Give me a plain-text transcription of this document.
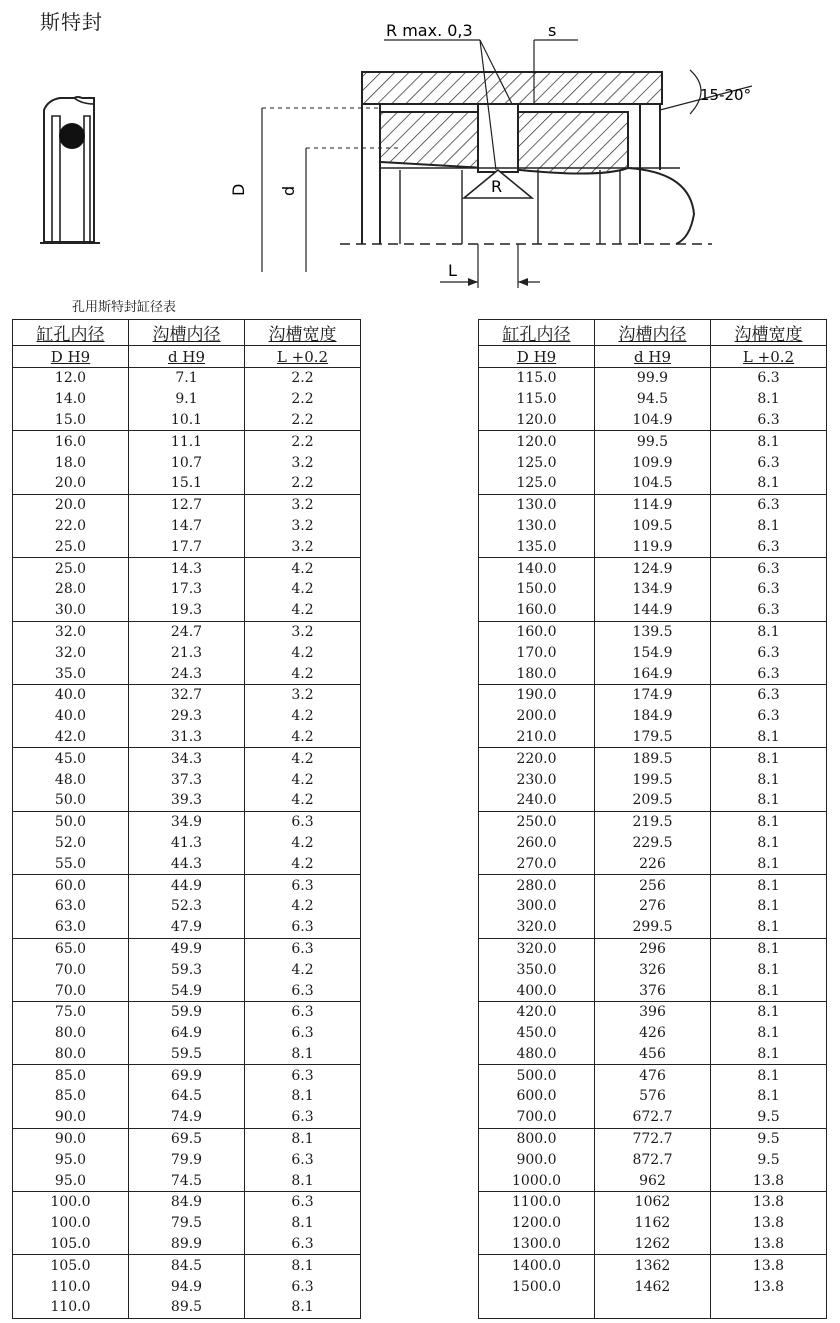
斯特封	R max. 0,3	s
15-20°
D d	R
L
孔用斯特封缸径表
缸孔内径	沟槽内径	沟槽宽度
D H9	d H9	L +0.2
12.0	7.1	2.2
14.0	9.1	2.2
15.0	10.1	2.2
16.0	11.1	2.2
18.0	10.7	3.2
20.0	15.1	2.2
20.0	12.7	3.2
22.0	14.7	3.2
25.0	17.7	3.2
25.0	14.3	4.2
28.0	17.3	4.2
30.0	19.3	4.2
32.0	24.7	3.2
32.0	21.3	4.2
35.0	24.3	4.2
40.0	32.7	3.2
40.0	29.3	4.2
42.0	31.3	4.2
45.0	34.3	4.2
48.0	37.3	4.2
50.0	39.3	4.2
50.0	34.9	6.3
52.0	41.3	4.2
55.0	44.3	4.2
60.0	44.9	6.3
63.0	52.3	4.2
63.0	47.9	6.3
65.0	49.9	6.3
70.0	59.3	4.2
70.0	54.9	6.3
75.0	59.9	6.3
80.0	64.9	6.3
80.0	59.5	8.1
85.0	69.9	6.3
85.0	64.5	8.1
90.0	74.9	6.3
90.0	69.5	8.1
95.0	79.9	6.3
95.0	74.5	8.1
100.0	84.9	6.3
100.0	79.5	8.1
105.0	89.9	6.3
105.0	84.5	8.1
110.0	94.9	6.3
110.0	89.5	8.1
缸孔内径	沟槽内径	沟槽宽度
D H9	d H9	L +0.2
115.0	99.9	6.3
115.0	94.5	8.1
120.0	104.9	6.3
120.0	99.5	8.1
125.0	109.9	6.3
125.0	104.5	8.1
130.0	114.9	6.3
130.0	109.5	8.1
135.0	119.9	6.3
140.0	124.9	6.3
150.0	134.9	6.3
160.0	144.9	6.3
160.0	139.5	8.1
170.0	154.9	6.3
180.0	164.9	6.3
190.0	174.9	6.3
200.0	184.9	6.3
210.0	179.5	8.1
220.0	189.5	8.1
230.0	199.5	8.1
240.0	209.5	8.1
250.0	219.5	8.1
260.0	229.5	8.1
270.0	226	8.1
280.0	256	8.1
300.0	276	8.1
320.0	299.5	8.1
320.0	296	8.1
350.0	326	8.1
400.0	376	8.1
420.0	396	8.1
450.0	426	8.1
480.0	456	8.1
500.0	476	8.1
600.0	576	8.1
700.0	672.7	9.5
800.0	772.7	9.5
900.0	872.7	9.5
1000.0	962	13.8
1100.0	1062	13.8
1200.0	1162	13.8
1300.0	1262	13.8
1400.0	1362	13.8
1500.0	1462	13.8
